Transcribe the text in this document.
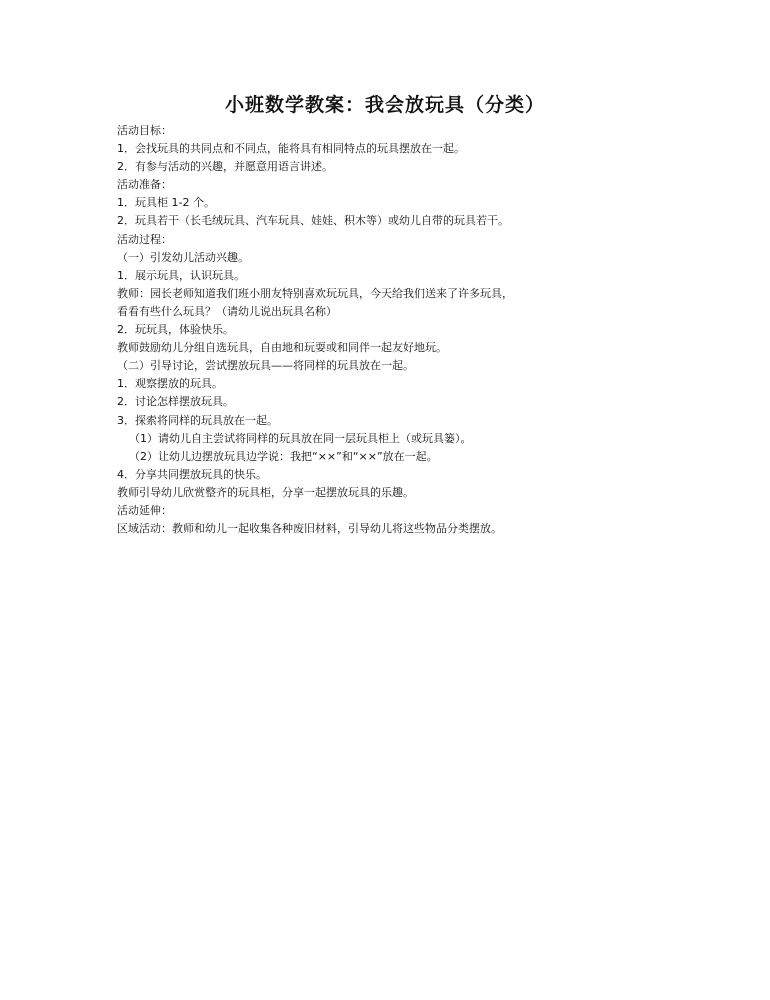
小班数学教案：我会放玩具（分类）
活动目标：
1．会找玩具的共同点和不同点，能将具有相同特点的玩具摆放在一起。
2．有参与活动的兴趣，并愿意用语言讲述。
活动准备：
1．玩具柜 1-2 个。
2．玩具若干（长毛绒玩具、汽车玩具、娃娃、积木等）或幼儿自带的玩具若干。
活动过程：
（一）引发幼儿活动兴趣。
1．展示玩具，认识玩具。
教师：园长老师知道我们班小朋友特别喜欢玩玩具，今天给我们送来了许多玩具，
看看有些什么玩具？（请幼儿说出玩具名称）
2．玩玩具，体验快乐。
教师鼓励幼儿分组自选玩具，自由地和玩耍或和同伴一起友好地玩。
（二）引导讨论，尝试摆放玩具——将同样的玩具放在一起。
1．观察摆放的玩具。
2．讨论怎样摆放玩具。
3．探索将同样的玩具放在一起。
（1）请幼儿自主尝试将同样的玩具放在同一层玩具柜上（或玩具篓）。
（2）让幼儿边摆放玩具边学说：我把“××”和“××”放在一起。
4．分享共同摆放玩具的快乐。
教师引导幼儿欣赏整齐的玩具柜，分享一起摆放玩具的乐趣。
活动延伸：
区域活动：教师和幼儿一起收集各种废旧材料，引导幼儿将这些物品分类摆放。
